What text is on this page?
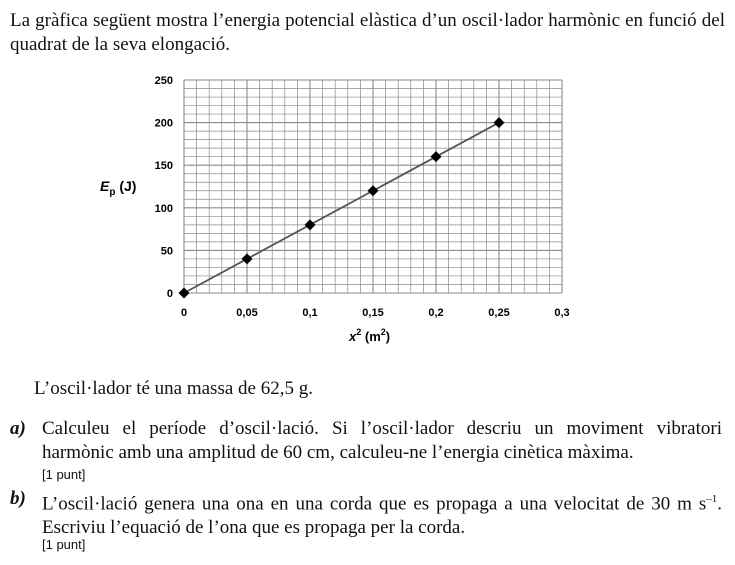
La gràfica següent mostra l’energia potencial elàstica d’un oscil·lador harmònic en funció del quadrat de la seva elongació.

0	0,05	0,1	0,15	0,2	0,25	0,3
0
50
100
150
200
250
$E_p$ (J)
$x^2$ $(m^2)$

L’oscil·lador té una massa de 62,5 g.

a) Calculeu el període d’oscil·lació. Si l’oscil·lador descriu un moviment vibratori harmònic amb una amplitud de 60 cm, calculeu-ne l’energia cinètica màxima.
[1 punt]
b) L’oscil·lació genera una ona en una corda que es propaga a una velocitat de 30 m $s^{-1}$. Escriviu l’equació de l’ona que es propaga per la corda.
[1 punt]
